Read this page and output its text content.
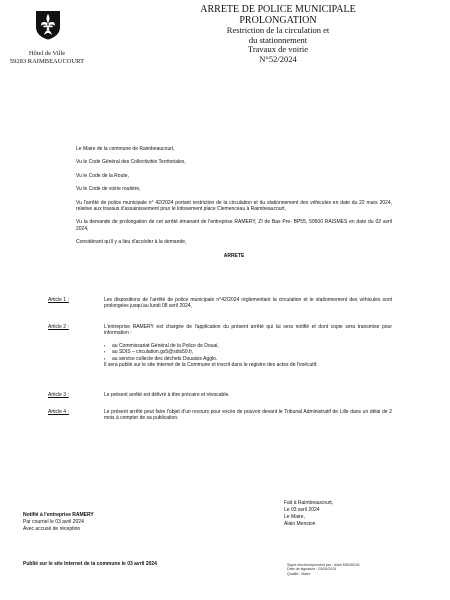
Hôtel de Ville
59283 RAIMBEAUCOURT
ARRETE DE POLICE MUNICIPALE
PROLONGATION
Restriction de la circulation et
du stationnement
Travaux de voirie
N°52/2024

Le Maire de la commune de Raimbeaucourt,

Vu le Code Général des Collectivités Territoriales,

Vu le Code de la Route,

Vu le Code de voirie routière,

Vu l'arrêté de police municipale n° 42/2024 portant restriction de la circulation et du stationnement des véhicules en date du 22 mars 2024, relative aux travaux d'assainissement pour le lotissement place Clemenceau à Raimbeaucourt,

Vu la demande de prolongation de cet arrêté émanant de l'entreprise RAMERY, ZI de Bas Pre- BP55, 59500 RAISMES en date du 02 avril 2024,

Considérant qu'il y a lieu d'accéder à la demande,

ARRETE

Article 1 :	Les dispositions de l'arrêté de police municipale n°42/2024 réglementant la circulation et le stationnement des véhicules sont prolongées jusqu'au lundi 08 avril 2024,
Article 2 :	L'entreprise RAMERY est chargée de l'application du présent arrêté qui lui sera notifié et dont copie sera transmise pour information :
▪ au Commissariat Général de la Police de Douai,
▪ au SDIS – circulation.gs5@sdis59.fr,
▪ au service collecte des déchets Douaisis Agglo.
Il sera publié sur le site Internet de la Commune et inscrit dans le registre des actes de l'exécutif.
Article 3 :	Le présent arrêté est délivré à titre précaire et révocable.
Article 4 :	Le présent arrêté peut faire l'objet d'un recours pour excès de pouvoir devant le Tribunal Administratif de Lille dans un délai de 2 mois à compter de sa publication.
Notifié à l'entreprise RAMERY
Par courriel le 03 avril 2024
Avec accusé de réception
Fait à Raimbeaucourt,
Le 03 avril 2024
Le Maire,
Alain Mension
Publié sur le site Internet de la commune le 03 avril 2024	Signé électroniquement par : Alain MENSION
Date de signature : 03/04/2024
Qualité : Maire
